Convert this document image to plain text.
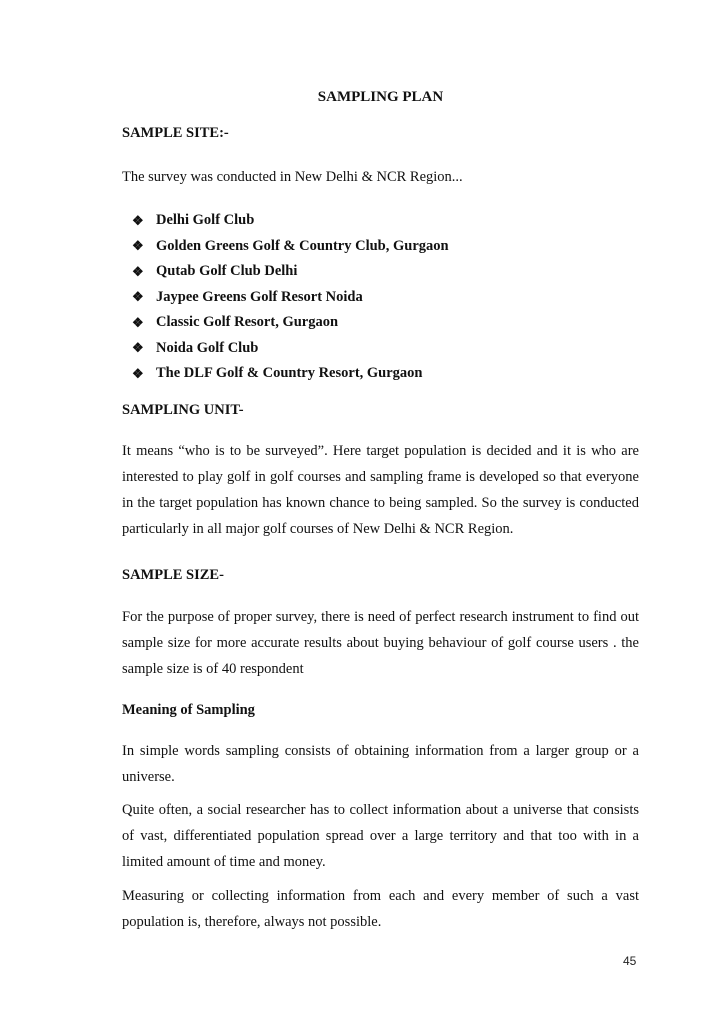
SAMPLING PLAN
SAMPLE SITE:-
The survey was conducted in New Delhi & NCR Region...
❖ Delhi Golf Club
❖ Golden Greens Golf & Country Club, Gurgaon
❖ Qutab Golf Club Delhi
❖ Jaypee Greens Golf Resort Noida
❖ Classic Golf Resort, Gurgaon
❖ Noida Golf Club
❖ The DLF Golf & Country Resort, Gurgaon
SAMPLING UNIT-
It means “who is to be surveyed”. Here target population is decided and it is who are interested to play golf in golf courses and sampling frame is developed so that everyone in the target population has known chance to being sampled. So the survey is conducted particularly in all major golf courses of New Delhi & NCR Region.
SAMPLE SIZE-
For the purpose of proper survey, there is need of perfect research instrument to find out sample size for more accurate results about buying behaviour of golf course users . the sample size is of 40 respondent
Meaning of Sampling
In simple words sampling consists of obtaining information from a larger group or a universe.
Quite often, a social researcher has to collect information about a universe that consists of vast, differentiated population spread over a large territory and that too with in a limited amount of time and money.
Measuring or collecting information from each and every member of such a vast population is, therefore, always not possible.
45
